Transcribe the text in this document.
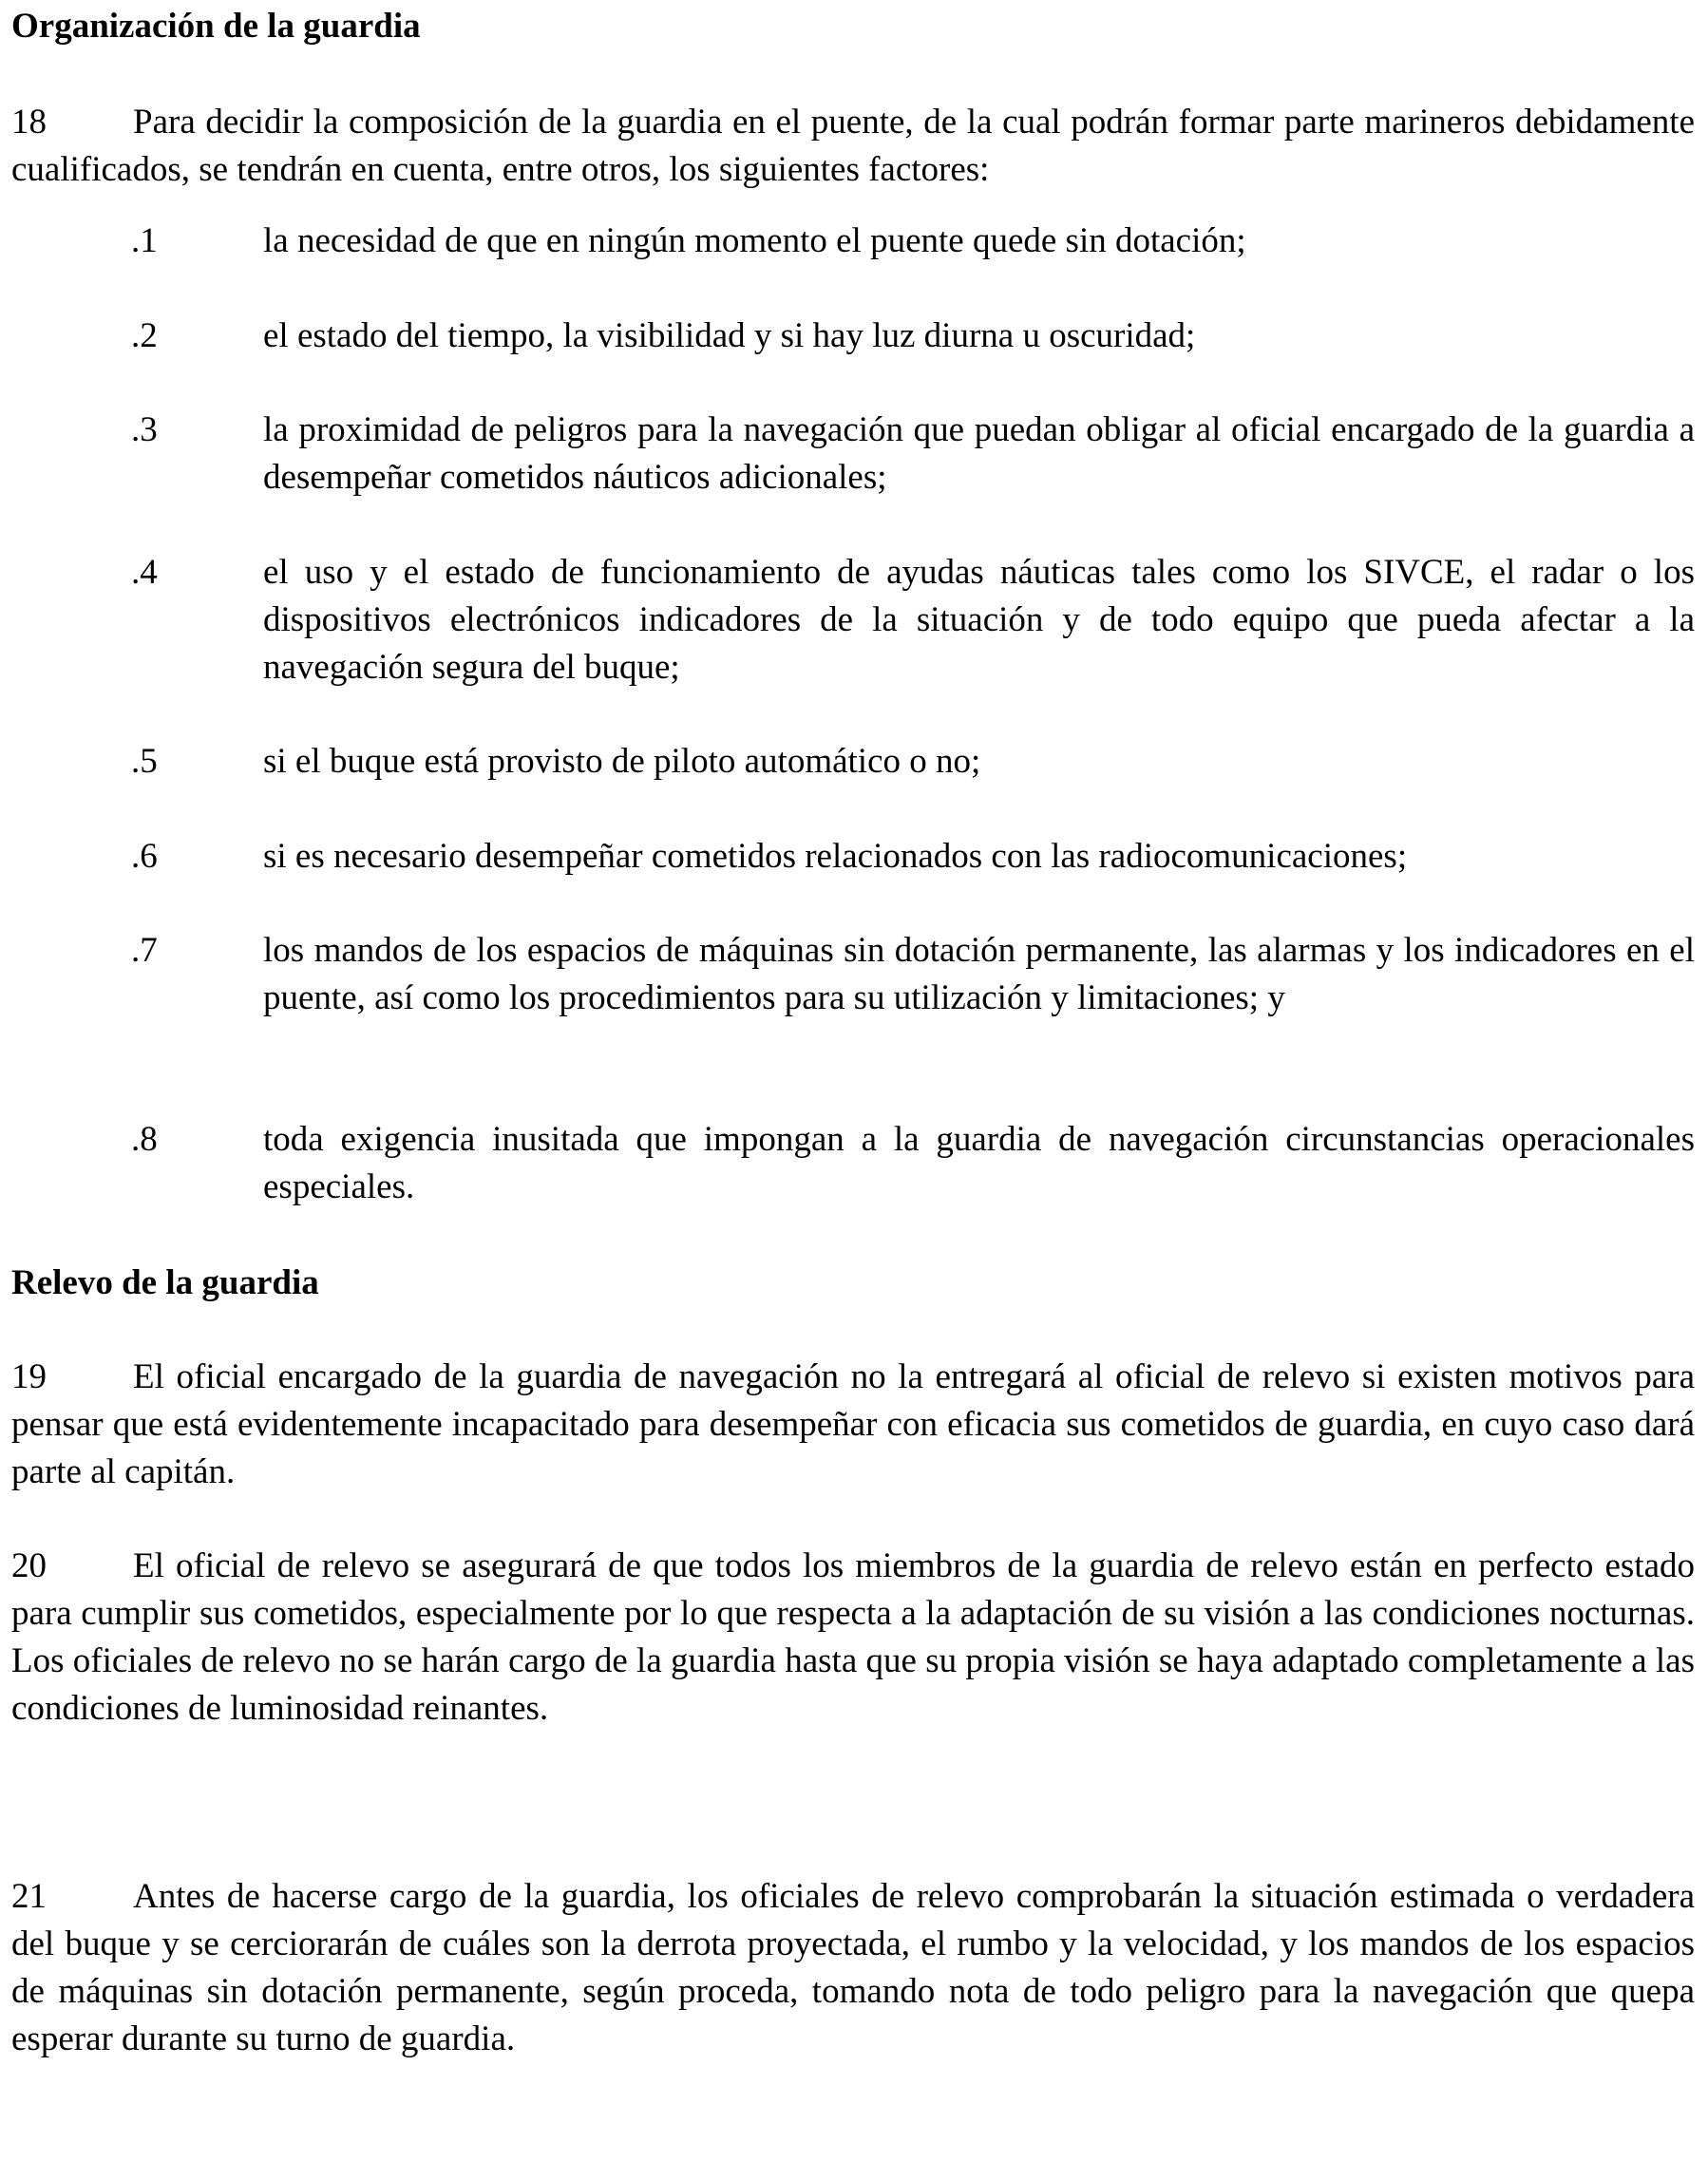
Organización de la guardia
18 Para decidir la composición de la guardia en el puente, de la cual podrán formar parte marineros debidamente cualificados, se tendrán en cuenta, entre otros, los siguientes factores:
.1	la necesidad de que en ningún momento el puente quede sin dotación;
.2	el estado del tiempo, la visibilidad y si hay luz diurna u oscuridad;
.3	la proximidad de peligros para la navegación que puedan obligar al oficial encargado de la guardia a desempeñar cometidos náuticos adicionales;
.4	el uso y el estado de funcionamiento de ayudas náuticas tales como los SIVCE, el radar o los dispositivos electrónicos indicadores de la situación y de todo equipo que pueda afectar a la navegación segura del buque;
.5	si el buque está provisto de piloto automático o no;
.6	si es necesario desempeñar cometidos relacionados con las radiocomunicaciones;
.7	los mandos de los espacios de máquinas sin dotación permanente, las alarmas y los indicadores en el puente, así como los procedimientos para su utilización y limitaciones; y
.8	toda exigencia inusitada que impongan a la guardia de navegación circunstancias operacionales especiales.
Relevo de la guardia
19 El oficial encargado de la guardia de navegación no la entregará al oficial de relevo si existen motivos para pensar que está evidentemente incapacitado para desempeñar con eficacia sus cometidos de guardia, en cuyo caso dará parte al capitán.
20 El oficial de relevo se asegurará de que todos los miembros de la guardia de relevo están en perfecto estado para cumplir sus cometidos, especialmente por lo que respecta a la adaptación de su visión a las condiciones nocturnas. Los oficiales de relevo no se harán cargo de la guardia hasta que su propia visión se haya adaptado completamente a las condiciones de luminosidad reinantes.
21 Antes de hacerse cargo de la guardia, los oficiales de relevo comprobarán la situación estimada o verdadera del buque y se cerciorarán de cuáles son la derrota proyectada, el rumbo y la velocidad, y los mandos de los espacios de máquinas sin dotación permanente, según proceda, tomando nota de todo peligro para la navegación que quepa esperar durante su turno de guardia.
